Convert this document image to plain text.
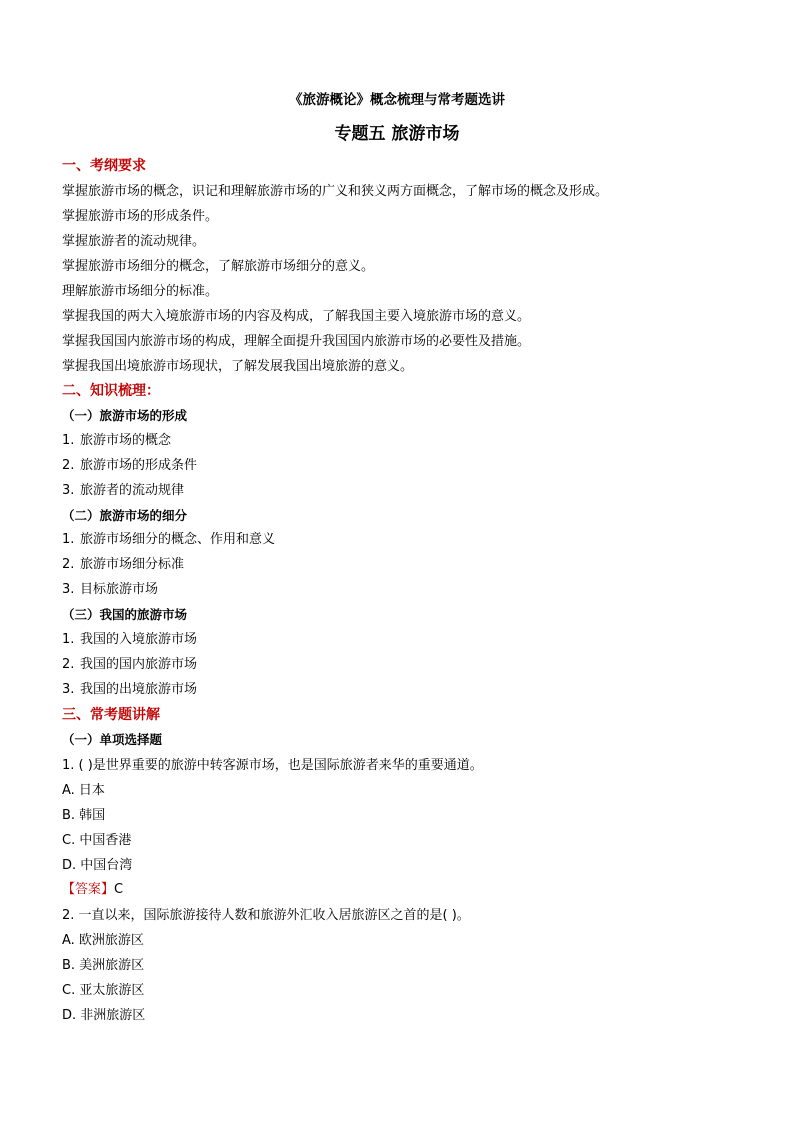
《旅游概论》概念梳理与常考题选讲
专题五 旅游市场
一、考纲要求
掌握旅游市场的概念，识记和理解旅游市场的广义和狭义两方面概念，了解市场的概念及形成。
掌握旅游市场的形成条件。
掌握旅游者的流动规律。
掌握旅游市场细分的概念，了解旅游市场细分的意义。
理解旅游市场细分的标准。
掌握我国的两大入境旅游市场的内容及构成，了解我国主要入境旅游市场的意义。
掌握我国国内旅游市场的构成，理解全面提升我国国内旅游市场的必要性及措施。
掌握我国出境旅游市场现状，了解发展我国出境旅游的意义。
二、知识梳理：
（一）旅游市场的形成
1. 旅游市场的概念
2. 旅游市场的形成条件
3. 旅游者的流动规律
（二）旅游市场的细分
1. 旅游市场细分的概念、作用和意义
2. 旅游市场细分标准
3. 目标旅游市场
（三）我国的旅游市场
1. 我国的入境旅游市场
2. 我国的国内旅游市场
3. 我国的出境旅游市场
三、常考题讲解
（一）单项选择题
1. ( )是世界重要的旅游中转客源市场，也是国际旅游者来华的重要通道。
A. 日本
B. 韩国
C. 中国香港
D. 中国台湾
【答案】C
2. 一直以来，国际旅游接待人数和旅游外汇收入居旅游区之首的是( )。
A. 欧洲旅游区
B. 美洲旅游区
C. 亚太旅游区
D. 非洲旅游区
